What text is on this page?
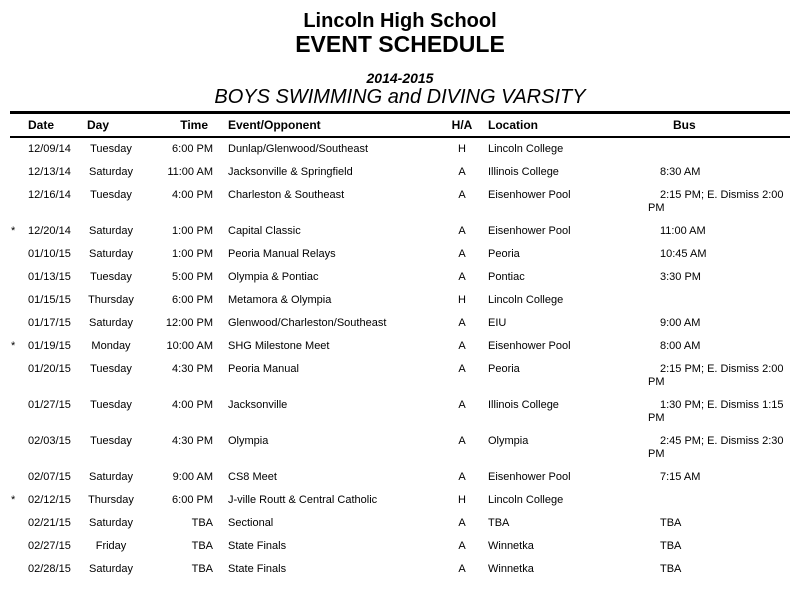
Lincoln High School
EVENT SCHEDULE
2014-2015
BOYS SWIMMING and DIVING VARSITY
	Date	Day	Time	Event/Opponent	H/A	Location	Bus
	12/09/14	Tuesday	6:00 PM	Dunlap/Glenwood/Southeast	H	Lincoln College	
	12/13/14	Saturday	11:00 AM	Jacksonville & Springfield	A	Illinois College	8:30 AM
	12/16/14	Tuesday	4:00 PM	Charleston & Southeast	A	Eisenhower Pool	2:15 PM; E. Dismiss 2:00 PM
*	12/20/14	Saturday	1:00 PM	Capital Classic	A	Eisenhower Pool	11:00 AM
	01/10/15	Saturday	1:00 PM	Peoria Manual Relays	A	Peoria	10:45 AM
	01/13/15	Tuesday	5:00 PM	Olympia & Pontiac	A	Pontiac	3:30 PM
	01/15/15	Thursday	6:00 PM	Metamora & Olympia	H	Lincoln College	
	01/17/15	Saturday	12:00 PM	Glenwood/Charleston/Southeast	A	EIU	9:00 AM
*	01/19/15	Monday	10:00 AM	SHG Milestone Meet	A	Eisenhower Pool	8:00 AM
	01/20/15	Tuesday	4:30 PM	Peoria Manual	A	Peoria	2:15 PM; E. Dismiss 2:00 PM
	01/27/15	Tuesday	4:00 PM	Jacksonville	A	Illinois College	1:30 PM; E. Dismiss 1:15 PM
	02/03/15	Tuesday	4:30 PM	Olympia	A	Olympia	2:45 PM; E. Dismiss 2:30 PM
	02/07/15	Saturday	9:00 AM	CS8 Meet	A	Eisenhower Pool	7:15 AM
*	02/12/15	Thursday	6:00 PM	J-ville Routt & Central Catholic	H	Lincoln College	
	02/21/15	Saturday	TBA	Sectional	A	TBA	TBA
	02/27/15	Friday	TBA	State Finals	A	Winnetka	TBA
	02/28/15	Saturday	TBA	State Finals	A	Winnetka	TBA
